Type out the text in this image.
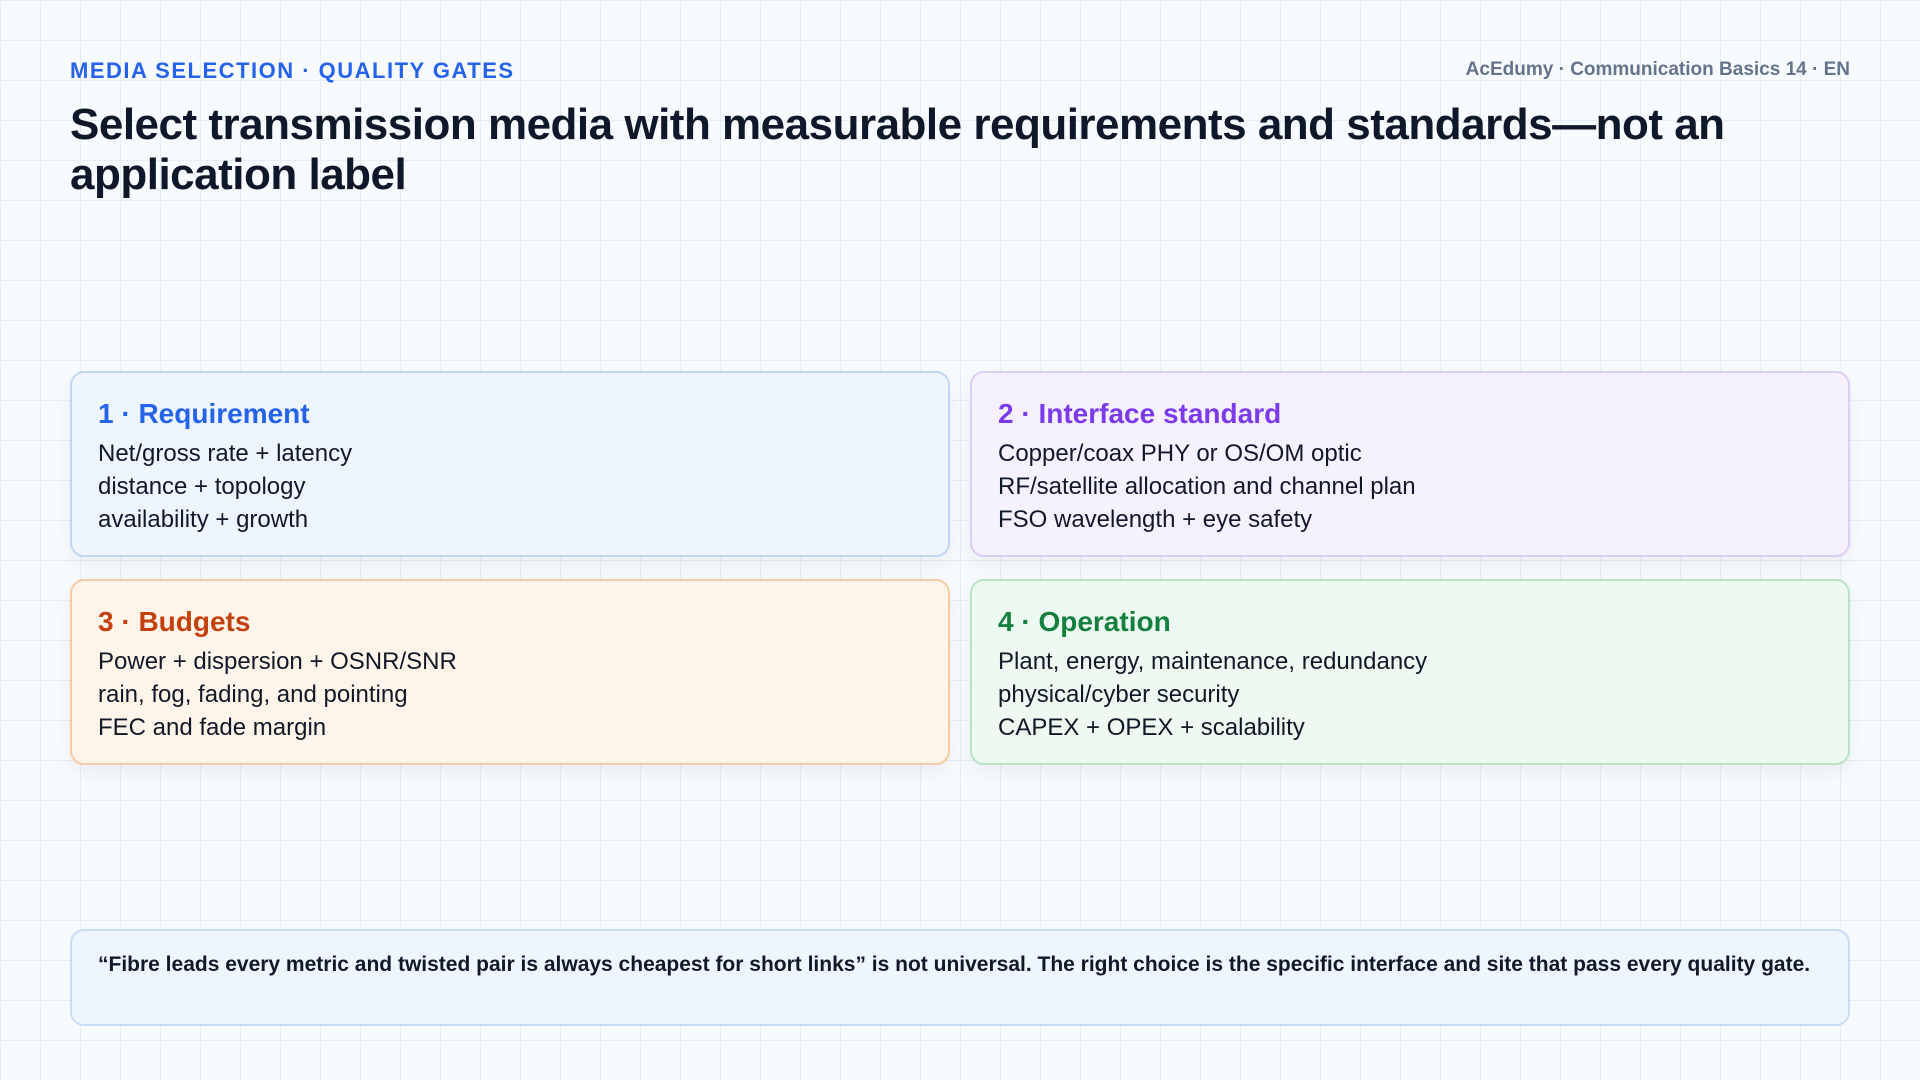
MEDIA SELECTION · QUALITY GATES	AcEdumy · Communication Basics 14 · EN

Select transmission media with measurable requirements and standards—not an application label
1 · Requirement

Net/gross rate + latency

distance + topology

availability + growth

2 · Interface standard

Copper/coax PHY or OS/OM optic

RF/satellite allocation and channel plan

FSO wavelength + eye safety

3 · Budgets

Power + dispersion + OSNR/SNR

rain, fog, fading, and pointing

FEC and fade margin

4 · Operation

Plant, energy, maintenance, redundancy

physical/cyber security

CAPEX + OPEX + scalability

“Fibre leads every metric and twisted pair is always cheapest for short links” is not universal. The right choice is the specific interface and site that pass every quality gate.
